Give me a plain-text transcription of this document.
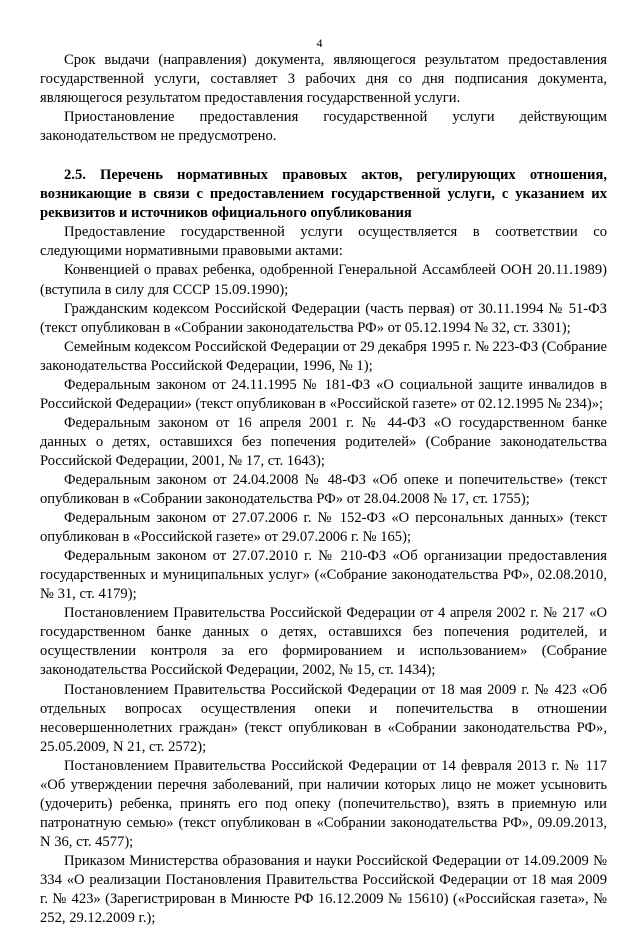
4

Срок выдачи (направления) документа, являющегося результатом предоставления государственной услуги, составляет 3 рабочих дня со дня подписания документа, являющегося результатом предоставления государственной услуги.

Приостановление предоставления государственной услуги действующим законодательством не предусмотрено.

2.5. Перечень нормативных правовых актов, регулирующих отношения, возникающие в связи с предоставлением государственной услуги, с указанием их реквизитов и источников официального опубликования

Предоставление государственной услуги осуществляется в соответствии со следующими нормативными правовыми актами:

Конвенцией о правах ребенка, одобренной Генеральной Ассамблеей ООН 20.11.1989) (вступила в силу для СССР 15.09.1990);

Гражданским кодексом Российской Федерации (часть первая) от 30.11.1994 № 51-ФЗ (текст опубликован в «Собрании законодательства РФ» от 05.12.1994 № 32, ст. 3301);

Семейным кодексом Российской Федерации от 29 декабря 1995 г. № 223-ФЗ (Собрание законодательства Российской Федерации, 1996, № 1);

Федеральным законом от 24.11.1995 № 181-ФЗ «О социальной защите инвалидов в Российской Федерации» (текст опубликован в «Российской газете» от 02.12.1995 № 234)»;

Федеральным законом от 16 апреля 2001 г. № 44-ФЗ «О государственном банке данных о детях, оставшихся без попечения родителей» (Собрание законодательства Российской Федерации, 2001, № 17, ст. 1643);

Федеральным законом от 24.04.2008 № 48-ФЗ «Об опеке и попечительстве» (текст опубликован в «Собрании законодательства РФ» от 28.04.2008 № 17, ст. 1755);

Федеральным законом от 27.07.2006 г. № 152-ФЗ «О персональных данных» (текст опубликован в «Российской газете» от 29.07.2006 г. № 165);

Федеральным законом от 27.07.2010 г. № 210-ФЗ «Об организации предоставления государственных и муниципальных услуг» («Собрание законодательства РФ», 02.08.2010, № 31, ст. 4179);

Постановлением Правительства Российской Федерации от 4 апреля 2002 г. № 217 «О государственном банке данных о детях, оставшихся без попечения родителей, и осуществлении контроля за его формированием и использованием» (Собрание законодательства Российской Федерации, 2002, № 15, ст. 1434);

Постановлением Правительства Российской Федерации от 18 мая 2009 г. № 423 «Об отдельных вопросах осуществления опеки и попечительства в отношении несовершеннолетних граждан» (текст опубликован в «Собрании законодательства РФ», 25.05.2009, N 21, ст. 2572);

Постановлением Правительства Российской Федерации от 14 февраля 2013 г. № 117 «Об утверждении перечня заболеваний, при наличии которых лицо не может усыновить (удочерить) ребенка, принять его под опеку (попечительство), взять в приемную или патронатную семью» (текст опубликован в «Собрании законодательства РФ», 09.09.2013, N 36, ст. 4577);

Приказом Министерства образования и науки Российской Федерации от 14.09.2009 № 334 «О реализации Постановления Правительства Российской Федерации от 18 мая 2009 г. № 423» (Зарегистрирован в Минюсте РФ 16.12.2009 № 15610) («Российская газета», № 252, 29.12.2009 г.);
